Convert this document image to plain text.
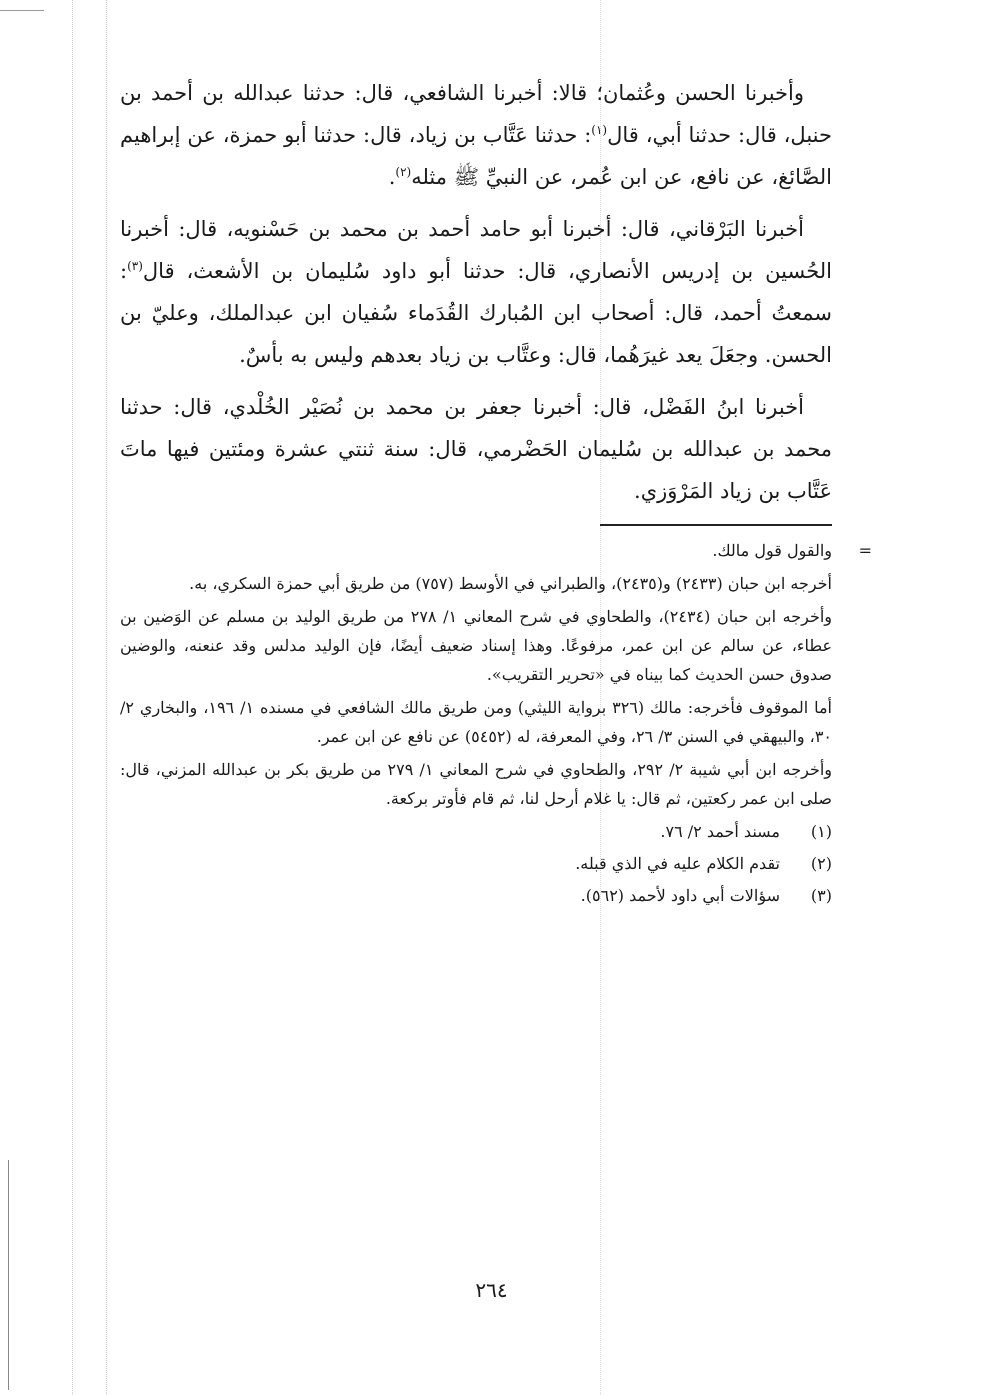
وأخبرنا الحسن وعُثمان؛ قالا: أخبرنا الشافعي، قال: حدثنا عبدالله بن أحمد بن حنبل، قال: حدثنا أبي، قال$^{(١)}$: حدثنا عَتَّاب بن زياد، قال: حدثنا أبو حمزة، عن إبراهيم الصَّائغ، عن نافع، عن ابن عُمر، عن النبيِّ ﷺ مثله$^{(٢)}$.

أخبرنا البَرْقاني، قال: أخبرنا أبو حامد أحمد بن محمد بن حَسْنويه، قال: أخبرنا الحُسين بن إدريس الأنصاري، قال: حدثنا أبو داود سُليمان بن الأشعث، قال$^{(٣)}$: سمعتُ أحمد، قال: أصحاب ابن المُبارك القُدَماء سُفيان ابن عبدالملك، وعليّ بن الحسن. وجعَلَ يعد غيرَهُما، قال: وعتَّاب بن زياد بعدهم وليس به بأسٌ.

أخبرنا ابنُ الفَضْل، قال: أخبرنا جعفر بن محمد بن نُصَيْر الخُلْدي، قال: حدثنا محمد بن عبدالله بن سُليمان الحَضْرمي، قال: سنة ثنتي عشرة ومئتين فيها ماتَ عَتَّاب بن زياد المَرْوَزي.

=

والقول قول مالك.

أخرجه ابن حبان (٢٤٣٣) و(٢٤٣٥)، والطبراني في الأوسط (٧٥٧) من طريق أبي حمزة السكري، به.

وأخرجه ابن حبان (٢٤٣٤)، والطحاوي في شرح المعاني ١/ ٢٧٨ من طريق الوليد بن مسلم عن الوَضين بن عطاء، عن سالم عن ابن عمر، مرفوعًا. وهذا إسناد ضعيف أيضًا، فإن الوليد مدلس وقد عنعنه، والوضين صدوق حسن الحديث كما بيناه في «تحرير التقريب».

أما الموقوف فأخرجه: مالك (٣٢٦ برواية الليثي) ومن طريق مالك الشافعي في مسنده ١/ ١٩٦، والبخاري ٢/ ٣٠، والبيهقي في السنن ٣/ ٢٦، وفي المعرفة، له (٥٤٥٢) عن نافع عن ابن عمر.

وأخرجه ابن أبي شيبة ٢/ ٢٩٢، والطحاوي في شرح المعاني ١/ ٢٧٩ من طريق بكر بن عبدالله المزني، قال: صلى ابن عمر ركعتين، ثم قال: يا غلام أرحل لنا، ثم قام فأوتر بركعة.

(١)
مسند أحمد ٢/ ٧٦.
(٢)
تقدم الكلام عليه في الذي قبله.
(٣)
سؤالات أبي داود لأحمد (٥٦٢).
٢٦٤
